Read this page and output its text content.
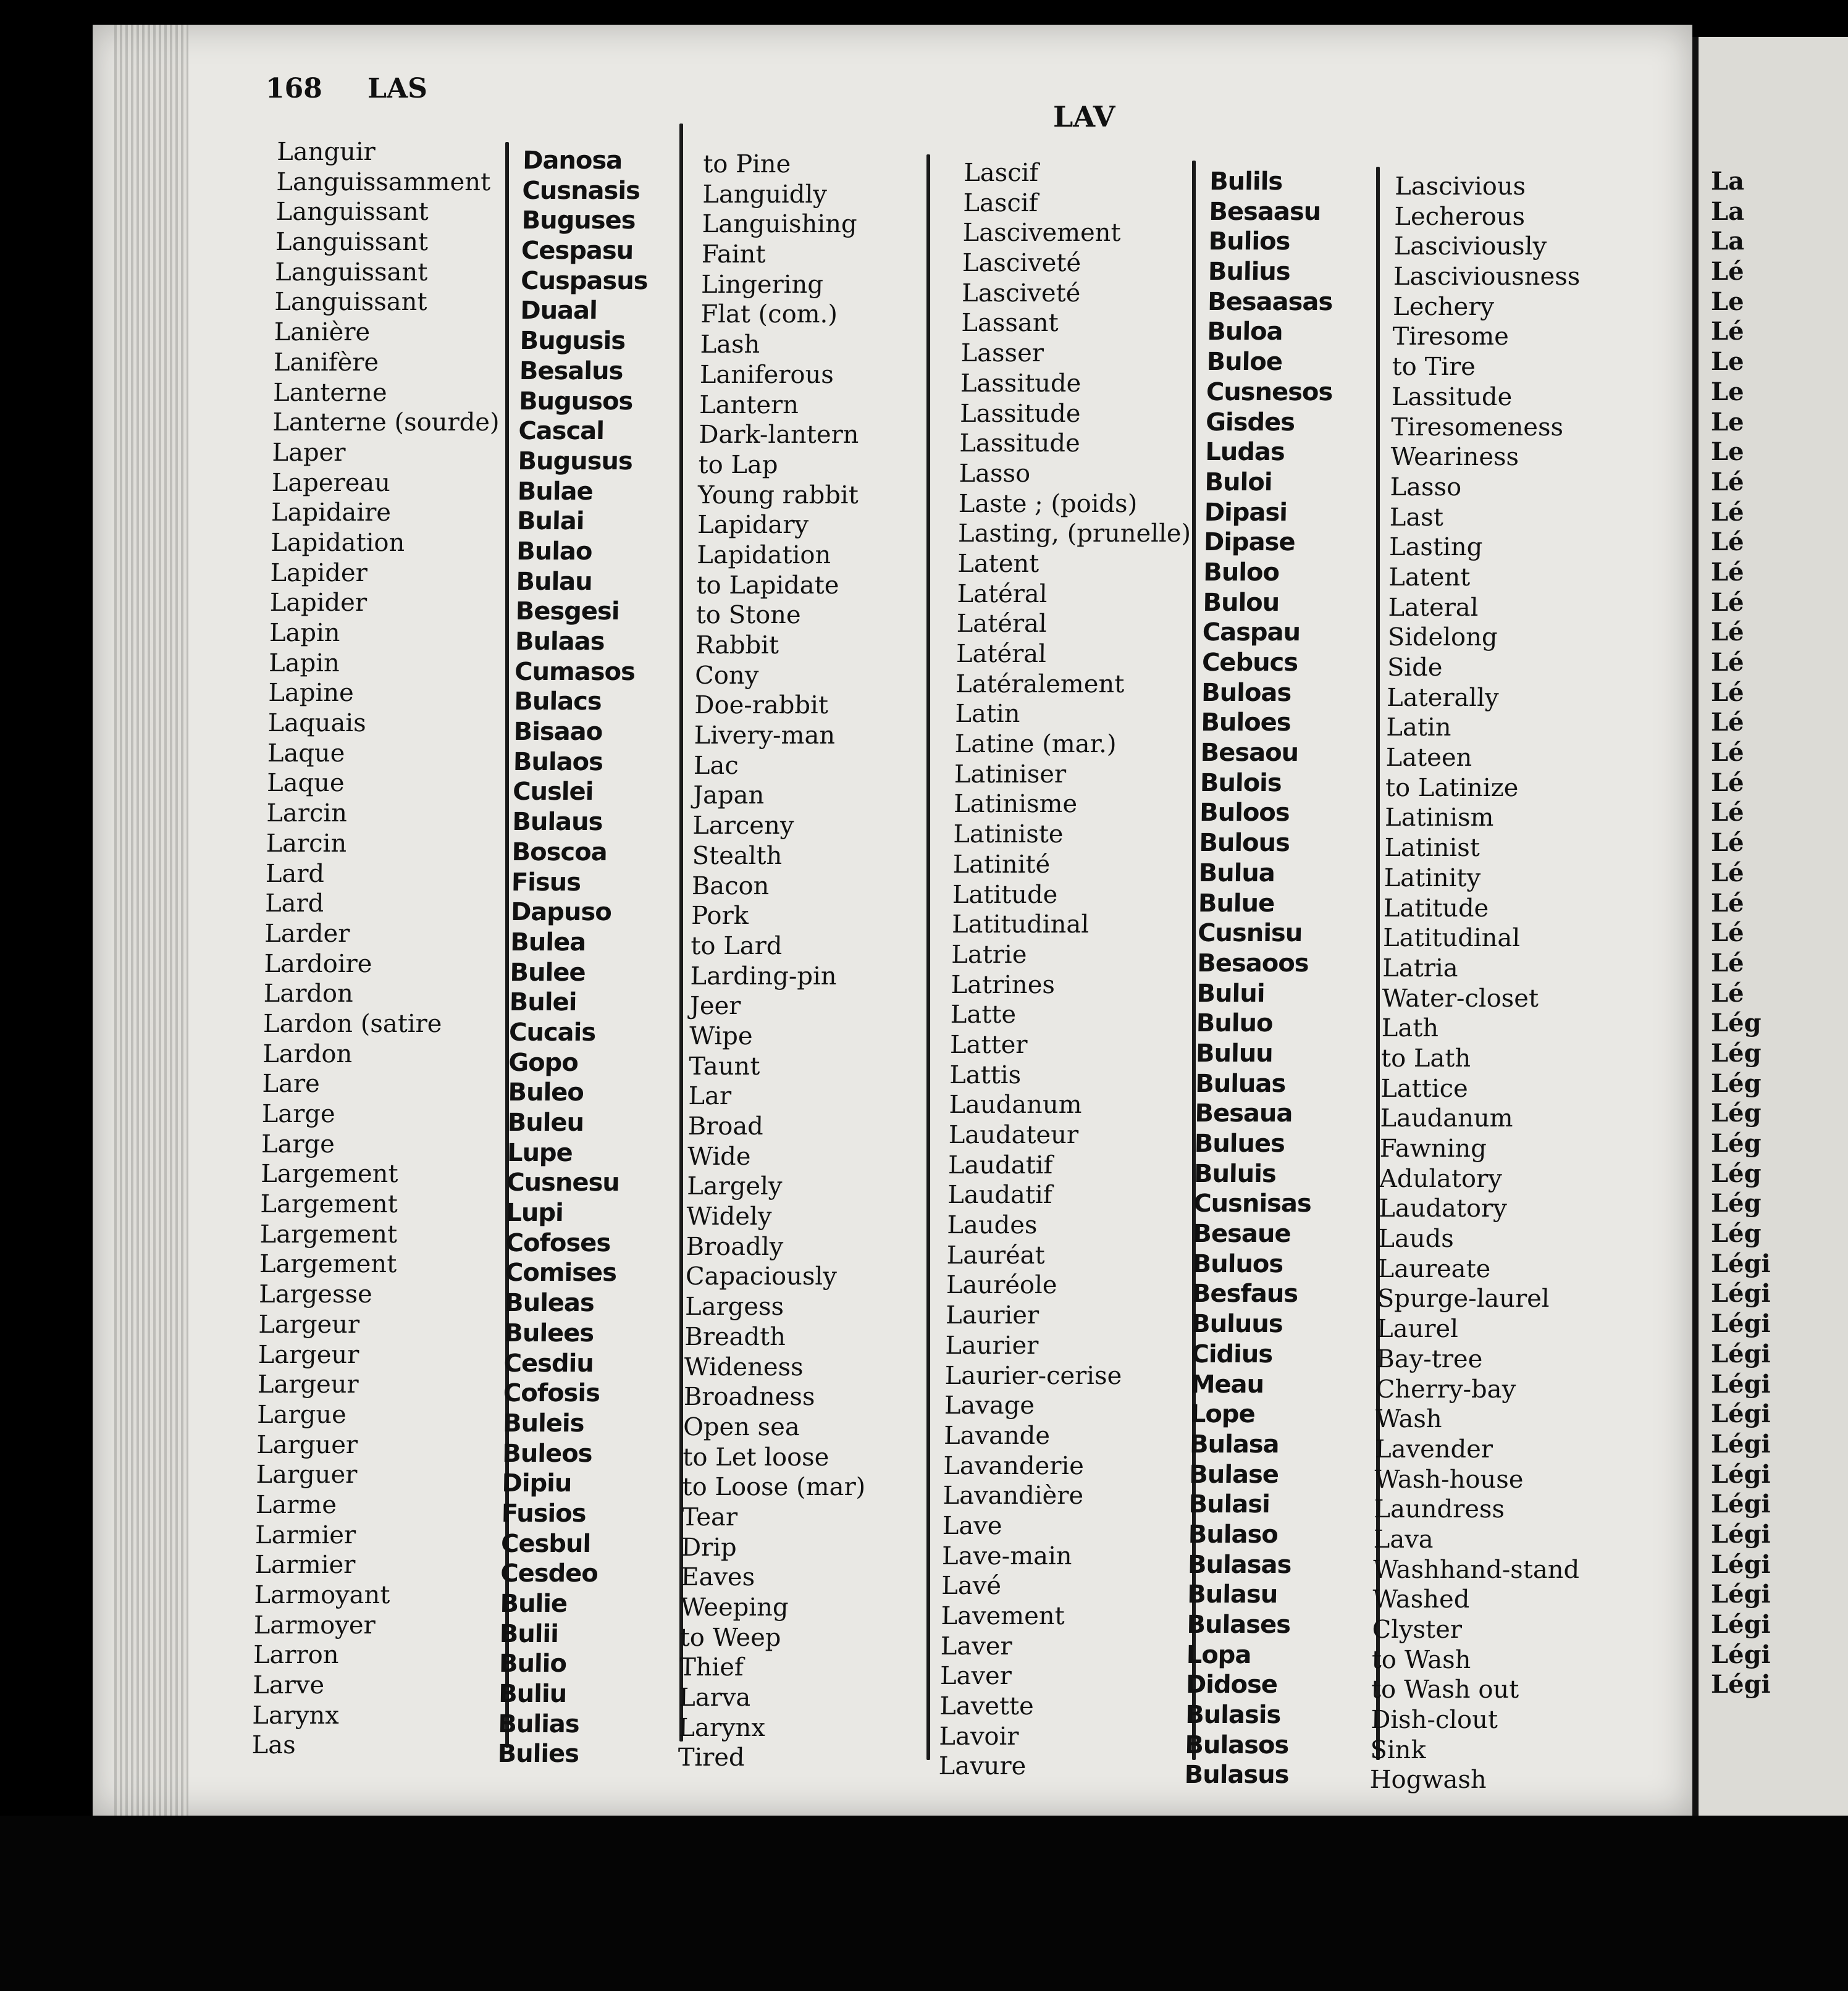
La
La
La
Lé
Le
Lé
Le
Le
Le
Le
Lé
Lé
Lé
Lé
Lé
Lé
Lé
Lé
Lé
Lé
Lé
Lé
Lé
Lé
Lé
Lé
Lé
Lé
Lég
Lég
Lég
Lég
Lég
Lég
Lég
Lég
Légi
Légi
Légi
Légi
Légi
Légi
Légi
Légi
Légi
Légi
Légi
Légi
Légi
Légi
Légi
168 LAS
LAV
Languir
Languissamment
Languissant
Languissant
Languissant
Languissant
Lanière
Lanifère
Lanterne
Lanterne (sourde)
Laper
Lapereau
Lapidaire
Lapidation
Lapider
Lapider
Lapin
Lapin
Lapine
Laquais
Laque
Laque
Larcin
Larcin
Lard
Lard
Larder
Lardoire
Lardon
Lardon (satire
Lardon
Lare
Large
Large
Largement
Largement
Largement
Largement
Largesse
Largeur
Largeur
Largeur
Largue
Larguer
Larguer
Larme
Larmier
Larmier
Larmoyant
Larmoyer
Larron
Larve
Larynx
Las
Danosa
Cusnasis
Buguses
Cespasu
Cuspasus
Duaal
Bugusis
Besalus
Bugusos
Cascal
Bugusus
Bulae
Bulai
Bulao
Bulau
Besgesi
Bulaas
Cumasos
Bulacs
Bisaao
Bulaos
Cuslei
Bulaus
Boscoa
Fisus
Dapuso
Bulea
Bulee
Bulei
Cucais
Gopo
Buleo
Buleu
Lupe
Cusnesu
Lupi
Cofoses
Comises
Buleas
Bulees
Cesdiu
Cofosis
Buleis
Buleos
Dipiu
Fusios
Cesbul
Cesdeo
Bulie
Bulii
Bulio
Buliu
Bulias
Bulies
to Pine
Languidly
Languishing
Faint
Lingering
Flat (com.)
Lash
Laniferous
Lantern
Dark-lantern
to Lap
Young rabbit
Lapidary
Lapidation
to Lapidate
to Stone
Rabbit
Cony
Doe-rabbit
Livery-man
Lac
Japan
Larceny
Stealth
Bacon
Pork
to Lard
Larding-pin
Jeer
Wipe
Taunt
Lar
Broad
Wide
Largely
Widely
Broadly
Capaciously
Largess
Breadth
Wideness
Broadness
Open sea
to Let loose
to Loose (mar)
Tear
Drip
Eaves
Weeping
to Weep
Thief
Larva
Larynx
Tired
Lascif
Lascif
Lascivement
Lasciveté
Lasciveté
Lassant
Lasser
Lassitude
Lassitude
Lassitude
Lasso
Laste ; (poids)
Lasting, (prunelle)
Latent
Latéral
Latéral
Latéral
Latéralement
Latin
Latine (mar.)
Latiniser
Latinisme
Latiniste
Latinité
Latitude
Latitudinal
Latrie
Latrines
Latte
Latter
Lattis
Laudanum
Laudateur
Laudatif
Laudatif
Laudes
Lauréat
Lauréole
Laurier
Laurier
Laurier-cerise
Lavage
Lavande
Lavanderie
Lavandière
Lave
Lave-main
Lavé
Lavement
Laver
Laver
Lavette
Lavoir
Lavure
Bulils
Besaasu
Bulios
Bulius
Besaasas
Buloa
Buloe
Cusnesos
Gisdes
Ludas
Buloi
Dipasi
Dipase
Buloo
Bulou
Caspau
Cebucs
Buloas
Buloes
Besaou
Bulois
Buloos
Bulous
Bulua
Bulue
Cusnisu
Besaoos
Bului
Buluo
Buluu
Buluas
Besaua
Bulues
Buluis
Cusnisas
Besaue
Buluos
Besfaus
Buluus
Cidius
Meau
Lope
Bulasa
Bulase
Bulasi
Bulaso
Bulasas
Bulasu
Bulases
Lopa
Didose
Bulasis
Bulasos
Bulasus
Lascivious
Lecherous
Lasciviously
Lasciviousness
Lechery
Tiresome
to Tire
Lassitude
Tiresomeness
Weariness
Lasso
Last
Lasting
Latent
Lateral
Sidelong
Side
Laterally
Latin
Lateen
to Latinize
Latinism
Latinist
Latinity
Latitude
Latitudinal
Latria
Water-closet
Lath
to Lath
Lattice
Laudanum
Fawning
Adulatory
Laudatory
Lauds
Laureate
Spurge-laurel
Laurel
Bay-tree
Cherry-bay
Wash
Lavender
Wash-house
Laundress
Lava
Washhand-stand
Washed
Clyster
to Wash
to Wash out
Dish-clout
Sink
Hogwash
